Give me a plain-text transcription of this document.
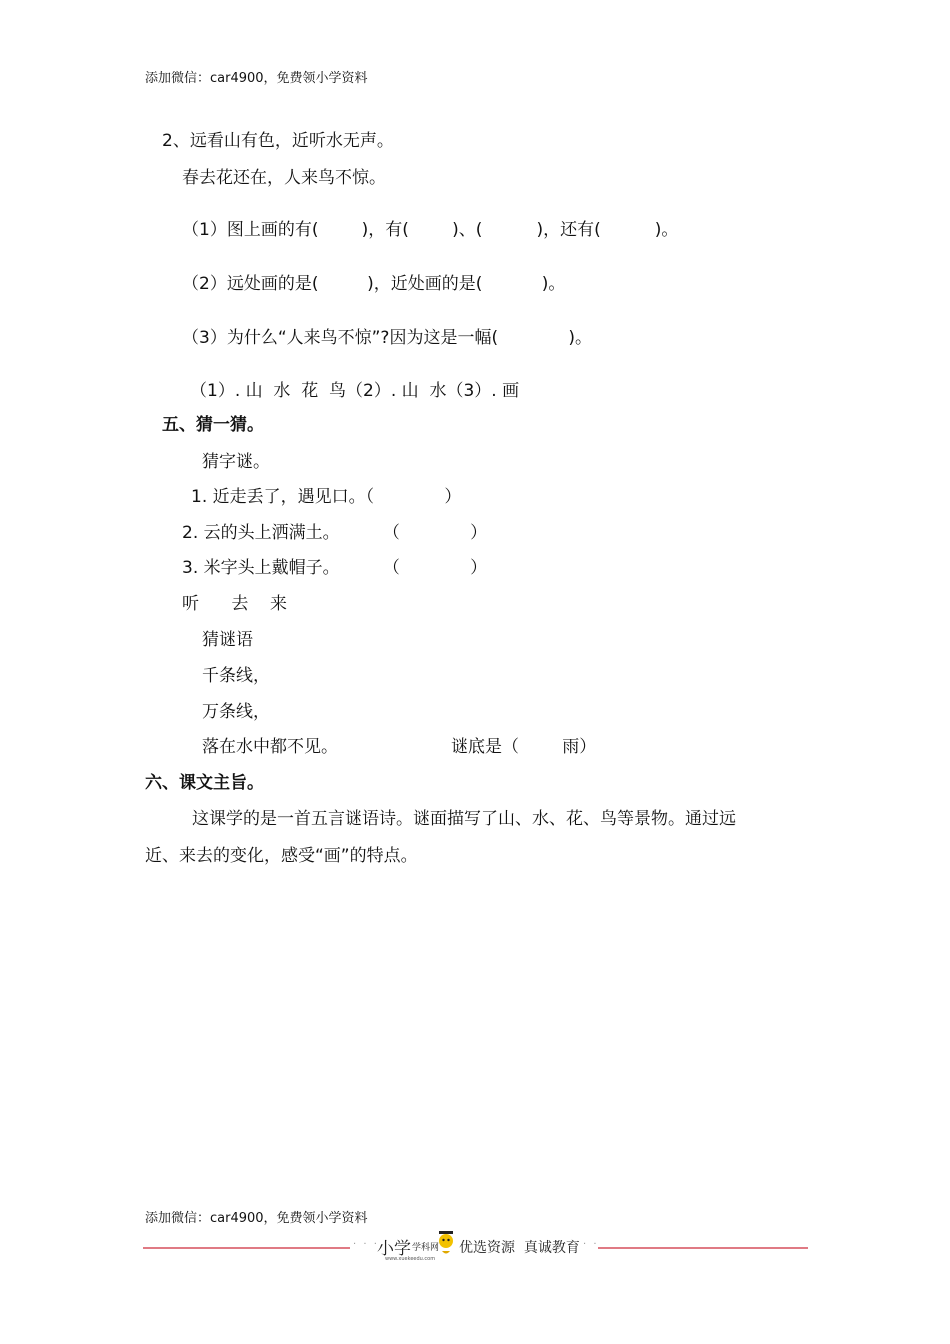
添加微信：car4900，免费领小学资料
2、远看山有色，近听水无声。
春去花还在，人来鸟不惊。
（1）图上画的有(        )，有(        )、(          )，还有(          )。
（2）远处画的是(         )，近处画的是(           )。
（3）为什么“人来鸟不惊”?因为这是一幅(             )。
（1）. 山  水  花  鸟（2）. 山  水（3）. 画
五、猜一猜。
猜字谜。
1. 近走丢了，遇见口。（             ）
2. 云的头上洒满土。        （             ）
3. 米字头上戴帽子。        （             ）
听      去    来
猜谜语
千条线，
万条线，
落在水中都不见。	谜底是（        雨）
六、课文主旨。
这课学的是一首五言谜语诗。谜面描写了山、水、花、鸟等景物。通过远
近、来去的变化，感受“画”的特点。
添加微信：car4900，免费领小学资料
· · ·
小学 学科网
www.xuekeedu.com
优选资源  真诚教育 · ·
